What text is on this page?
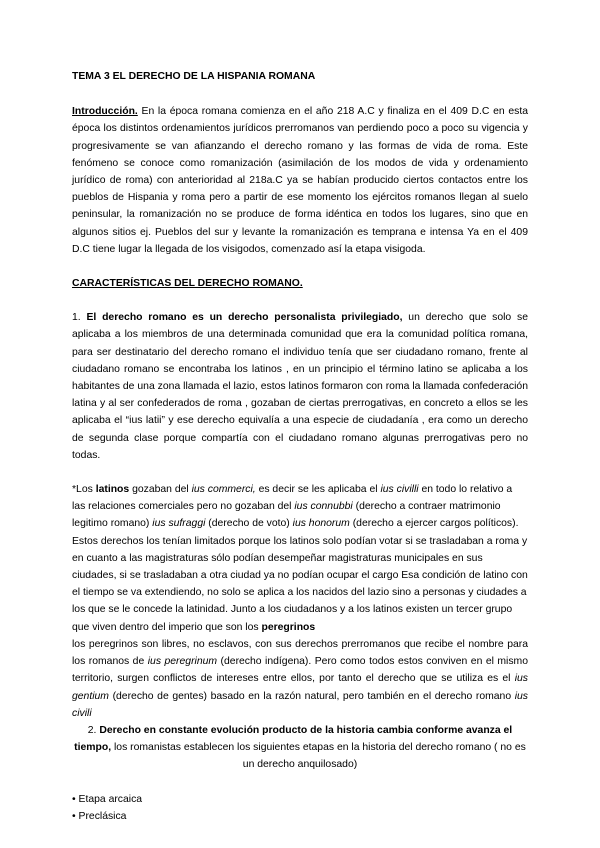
TEMA 3 EL DERECHO DE LA HISPANIA ROMANA

Introducción. En la época romana comienza en el año 218 A.C y finaliza en el 409 D.C en esta época los distintos ordenamientos jurídicos prerromanos van perdiendo poco a poco su vigencia y progresivamente se van afianzando el derecho romano y las formas de vida de roma. Este fenómeno se conoce como romanización (asimilación de los modos de vida y ordenamiento jurídico de roma) con anterioridad al 218a.C ya se habían producido ciertos contactos entre los pueblos de Hispania y roma pero a partir de ese momento los ejércitos romanos llegan al suelo peninsular, la romanización no se produce de forma idéntica en todos los lugares, sino que en algunos sitios ej. Pueblos del sur y levante la romanización es temprana e intensa Ya en el 409 D.C tiene lugar la llegada de los visigodos, comenzado así la etapa visigoda.

CARACTERÍSTICAS DEL DERECHO ROMANO.

1. El derecho romano es un derecho personalista privilegiado, un derecho que solo se aplicaba a los miembros de una determinada comunidad que era la comunidad política romana, para ser destinatario del derecho romano el individuo tenía que ser ciudadano romano, frente al ciudadano romano se encontraba los latinos , en un principio el término latino se aplicaba a los habitantes de una zona llamada el lazio, estos latinos formaron con roma la llamada confederación latina y al ser confederados de roma , gozaban de ciertas prerrogativas, en concreto a ellos se les aplicaba el “ius latii” y ese derecho equivalía a una especie de ciudadanía , era como un derecho de segunda clase porque compartía con el ciudadano romano algunas prerrogativas pero no todas.

*Los latinos gozaban del ius commerci, es decir se les aplicaba el ius civilli en todo lo relativo a las relaciones comerciales pero no gozaban del ius connubbi (derecho a contraer matrimonio legitimo romano) ius sufraggi (derecho de voto) ius honorum (derecho a ejercer cargos políticos). Estos derechos los tenían limitados porque los latinos solo podían votar si se trasladaban a roma y en cuanto a las magistraturas sólo podían desempeñar magistraturas municipales en sus ciudades, si se trasladaban a otra ciudad ya no podían ocupar el cargo Esa condición de latino con el tiempo se va extendiendo, no solo se aplica a los nacidos del lazio sino a personas y ciudades a los que se le concede la latinidad. Junto a los ciudadanos y a los latinos existen un tercer grupo que viven dentro del imperio que son los peregrinos

los peregrinos son libres, no esclavos, con sus derechos prerromanos que recibe el nombre para los romanos de ius peregrinum (derecho indígena). Pero como todos estos conviven en el mismo territorio, surgen conflictos de intereses entre ellos, por tanto el derecho que se utiliza es el ius gentium (derecho de gentes) basado en la razón natural, pero también en el derecho romano ius civili

2. Derecho en constante evolución producto de la historia cambia conforme avanza el tiempo, los romanistas establecen los siguientes etapas en la historia del derecho romano ( no es un derecho anquilosado)

• Etapa arcaica
• Preclásica
